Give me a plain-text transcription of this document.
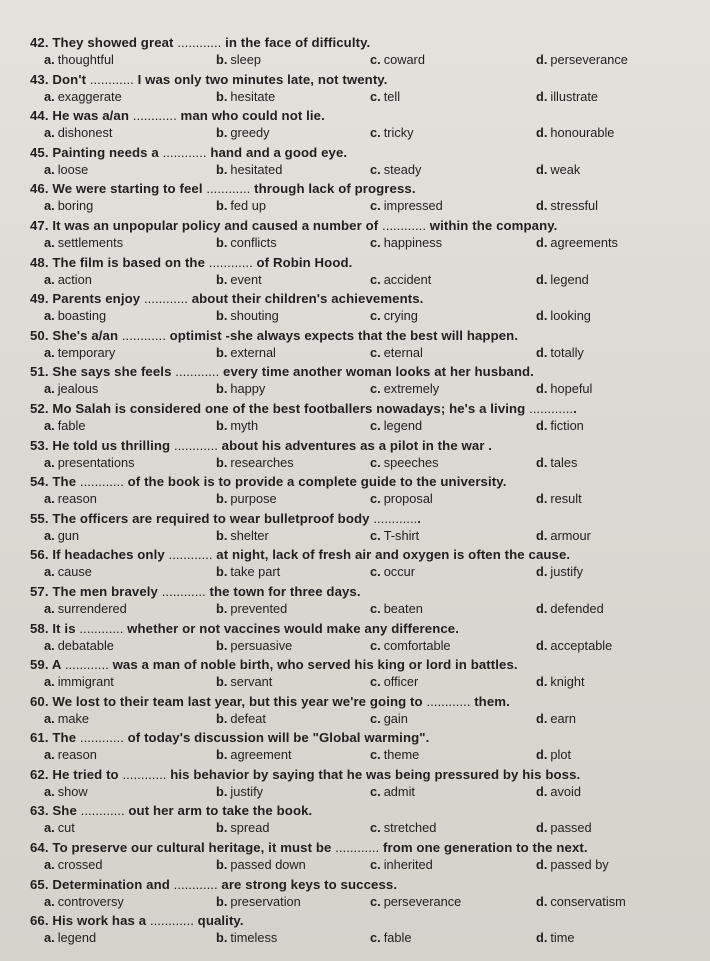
42. They showed great ............ in the face of difficulty.
a. thoughtful	b. sleep	c. coward	d. perseverance
43. Don't ............ I was only two minutes late, not twenty.
a. exaggerate	b. hesitate	c. tell	d. illustrate
44. He was a/an ............ man who could not lie.
a. dishonest	b. greedy	c. tricky	d. honourable
45. Painting needs a ............ hand and a good eye.
a. loose	b. hesitated	c. steady	d. weak
46. We were starting to feel ............ through lack of progress.
a. boring	b. fed up	c. impressed	d. stressful
47. It was an unpopular policy and caused a number of ............ within the company.
a. settlements	b. conflicts	c. happiness	d. agreements
48. The film is based on the ............ of Robin Hood.
a. action	b. event	c. accident	d. legend
49. Parents enjoy ............ about their children's achievements.
a. boasting	b. shouting	c. crying	d. looking
50. She's a/an ............ optimist -she always expects that the best will happen.
a. temporary	b. external	c. eternal	d. totally
51. She says she feels ............ every time another woman looks at her husband.
a. jealous	b. happy	c. extremely	d. hopeful
52. Mo Salah is considered one of the best footballers nowadays; he's a living .............
a. fable	b. myth	c. legend	d. fiction
53. He told us thrilling ............ about his adventures as a pilot in the war .
a. presentations	b. researches	c. speeches	d. tales
54. The ............ of the book is to provide a complete guide to the university.
a. reason	b. purpose	c. proposal	d. result
55. The officers are required to wear bulletproof body .............
a. gun	b. shelter	c. T-shirt	d. armour
56. If headaches only ............ at night, lack of fresh air and oxygen is often the cause.
a. cause	b. take part	c. occur	d. justify
57. The men bravely ............ the town for three days.
a. surrendered	b. prevented	c. beaten	d. defended
58. It is ............ whether or not vaccines would make any difference.
a. debatable	b. persuasive	c. comfortable	d. acceptable
59. A ............ was a man of noble birth, who served his king or lord in battles.
a. immigrant	b. servant	c. officer	d. knight
60. We lost to their team last year, but this year we're going to ............ them.
a. make	b. defeat	c. gain	d. earn
61. The ............ of today's discussion will be "Global warming".
a. reason	b. agreement	c. theme	d. plot
62. He tried to ............ his behavior by saying that he was being pressured by his boss.
a. show	b. justify	c. admit	d. avoid
63. She ............ out her arm to take the book.
a. cut	b. spread	c. stretched	d. passed
64. To preserve our cultural heritage, it must be ............ from one generation to the next.
a. crossed	b. passed down	c. inherited	d. passed by
65. Determination and ............ are strong keys to success.
a. controversy	b. preservation	c. perseverance	d. conservatism
66. His work has a ............ quality.
a. legend	b. timeless	c. fable	d. time
